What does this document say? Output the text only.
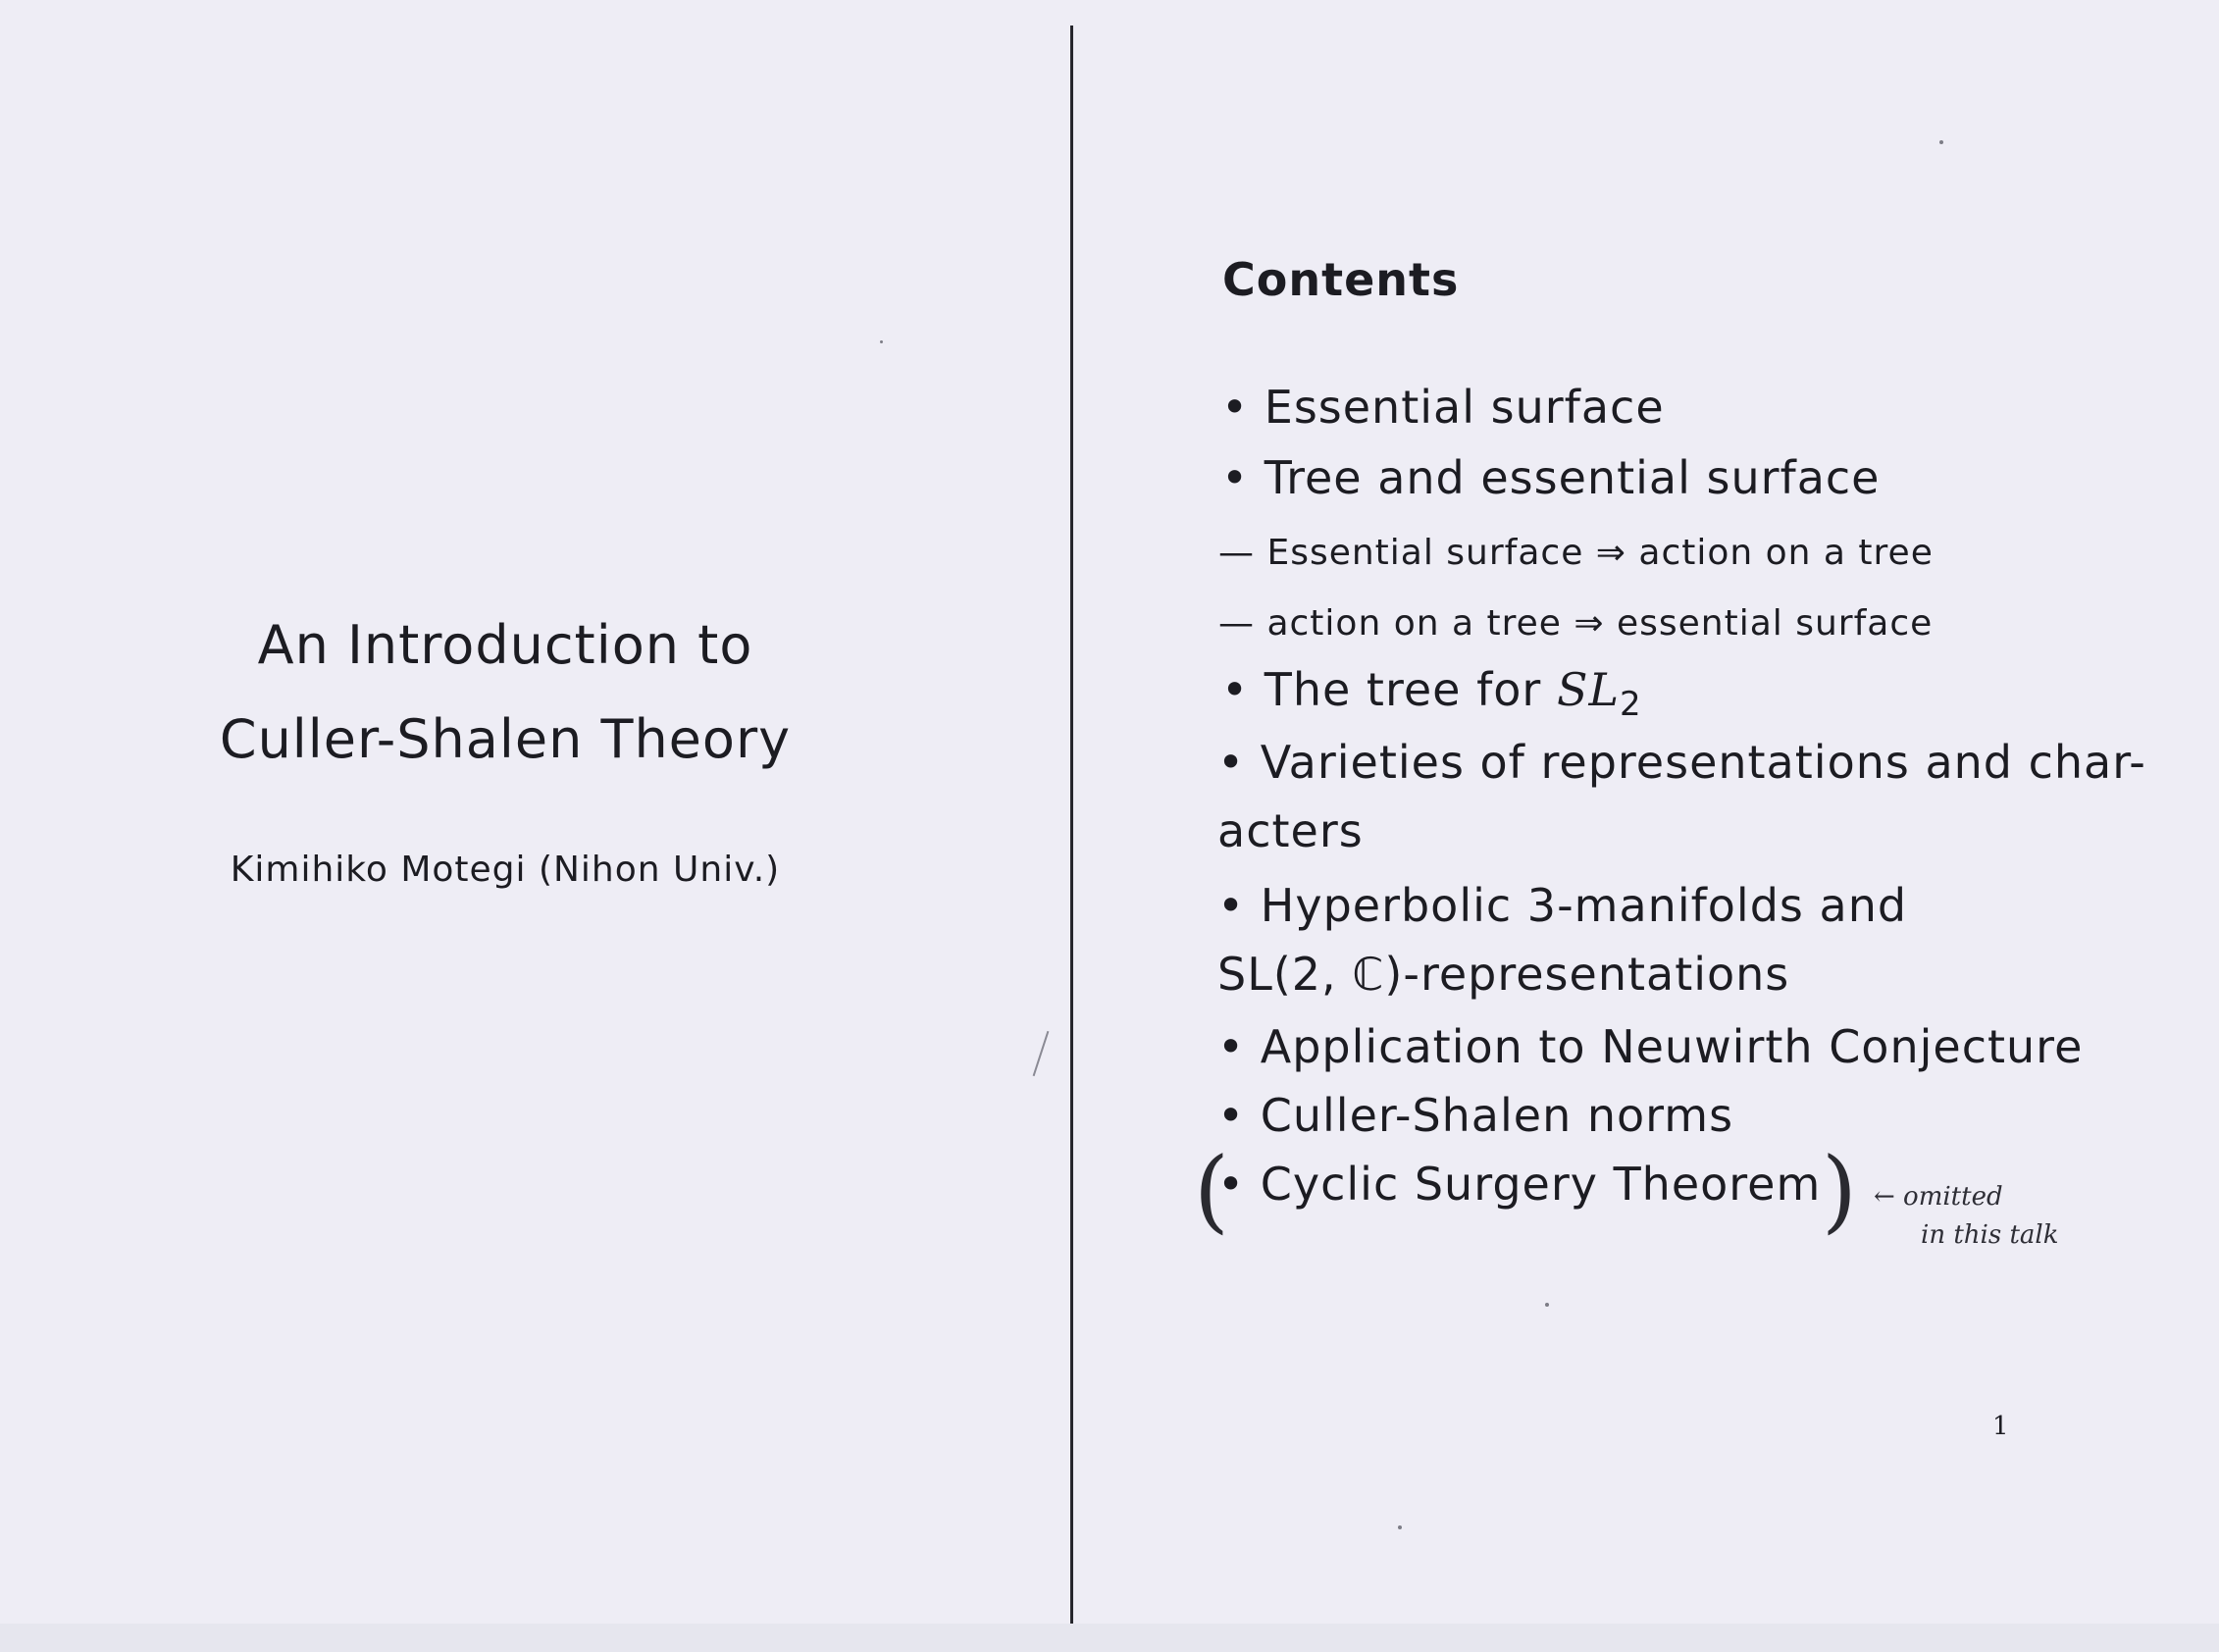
An Introduction to
Culler-Shalen Theory
Kimihiko Motegi (Nihon Univ.)
Contents
• Essential surface
• Tree and essential surface
— Essential surface ⇒ action on a tree
— action on a tree ⇒ essential surface
• The tree for $SL_2$
• Varieties of representations and char-
acters
• Hyperbolic 3-manifolds and
SL(2, ℂ)-representations
• Application to Neuwirth Conjecture
• Culler-Shalen norms
• Cyclic Surgery Theorem
(	) ← omitted
in this talk
1
